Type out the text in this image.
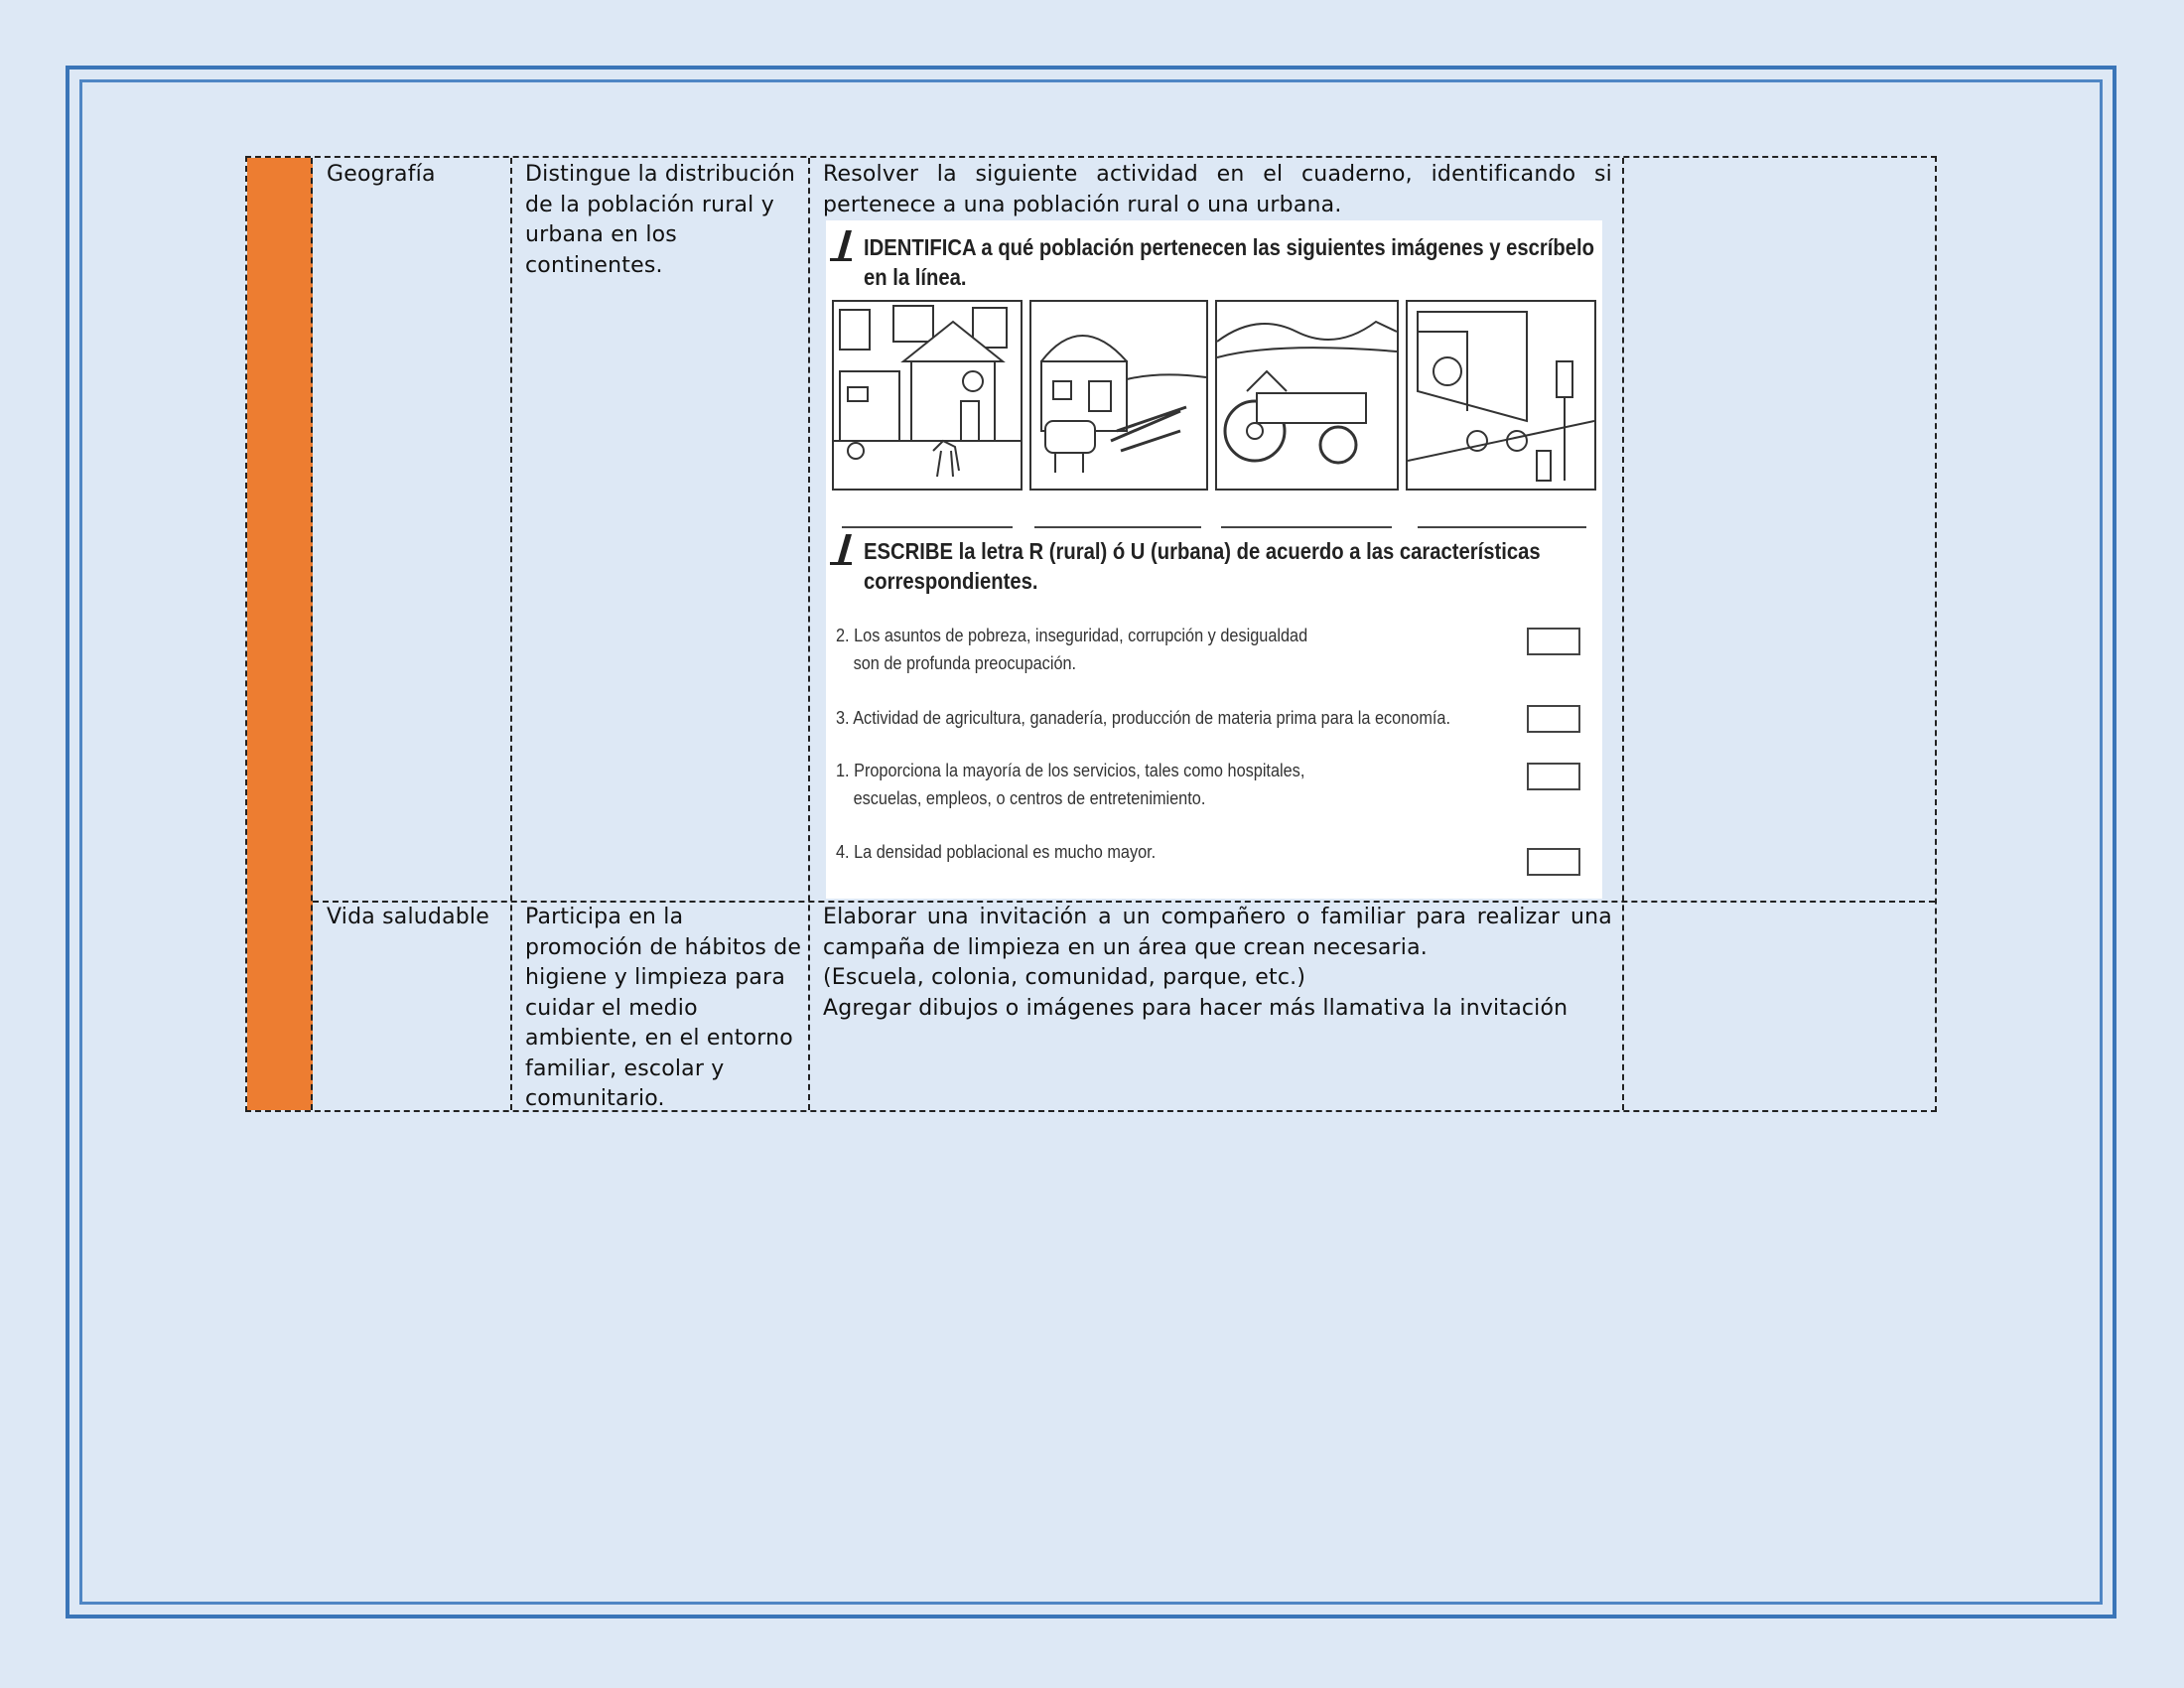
Geografía	Distingue la distribución de la población rural y urbana en los continentes.
Resolver la siguiente actividad en el cuaderno, identificando si pertenece a una población rural o una urbana.
IDENTIFICA a qué población pertenecen las siguientes imágenes y escríbelo en la línea.
ESCRIBE la letra R (rural) ó U (urbana) de acuerdo a las características correspondientes.
2. Los asuntos de pobreza, inseguridad, corrupción y desigualdad son de profunda preocupación.
3. Actividad de agricultura, ganadería, producción de materia prima para la economía.
1. Proporciona la mayoría de los servicios, tales como hospitales, escuelas, empleos, o centros de entretenimiento.
4. La densidad poblacional es mucho mayor.
Vida saludable Participa en la promoción de hábitos de higiene y limpieza para cuidar el medio ambiente, en el entorno familiar, escolar y comunitario.
Elaborar una invitación a un compañero o familiar para realizar una campaña de limpieza en un área que crean necesaria.
(Escuela, colonia, comunidad, parque, etc.)
Agregar dibujos o imágenes para hacer más llamativa la invitación
